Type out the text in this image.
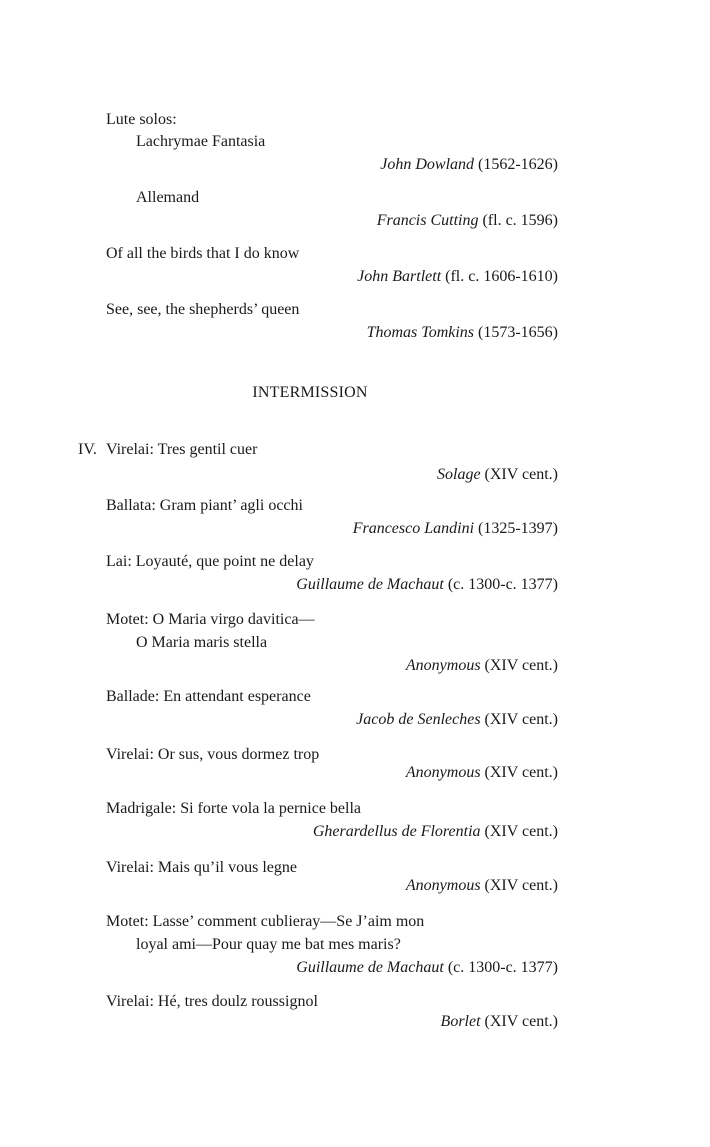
Lute solos:
Lachrymae Fantasia
John Dowland (1562-1626)
Allemand
Francis Cutting (fl. c. 1596)
Of all the birds that I do know
John Bartlett (fl. c. 1606-1610)
See, see, the shepherds’ queen
Thomas Tomkins (1573-1656)
INTERMISSION
IV. Virelai: Tres gentil cuer
Solage (XIV cent.)
Ballata: Gram piant’ agli occhi
Francesco Landini (1325-1397)
Lai: Loyauté, que point ne delay
Guillaume de Machaut (c. 1300-c. 1377)
Motet: O Maria virgo davitica—
O Maria maris stella
Anonymous (XIV cent.)
Ballade: En attendant esperance
Jacob de Senleches (XIV cent.)
Virelai: Or sus, vous dormez trop
Anonymous (XIV cent.)
Madrigale: Si forte vola la pernice bella
Gherardellus de Florentia (XIV cent.)
Virelai: Mais qu’il vous legne
Anonymous (XIV cent.)
Motet: Lasse’ comment cublieray—Se J’aim mon
loyal ami—Pour quay me bat mes maris?
Guillaume de Machaut (c. 1300-c. 1377)
Virelai: Hé, tres doulz roussignol
Borlet (XIV cent.)
